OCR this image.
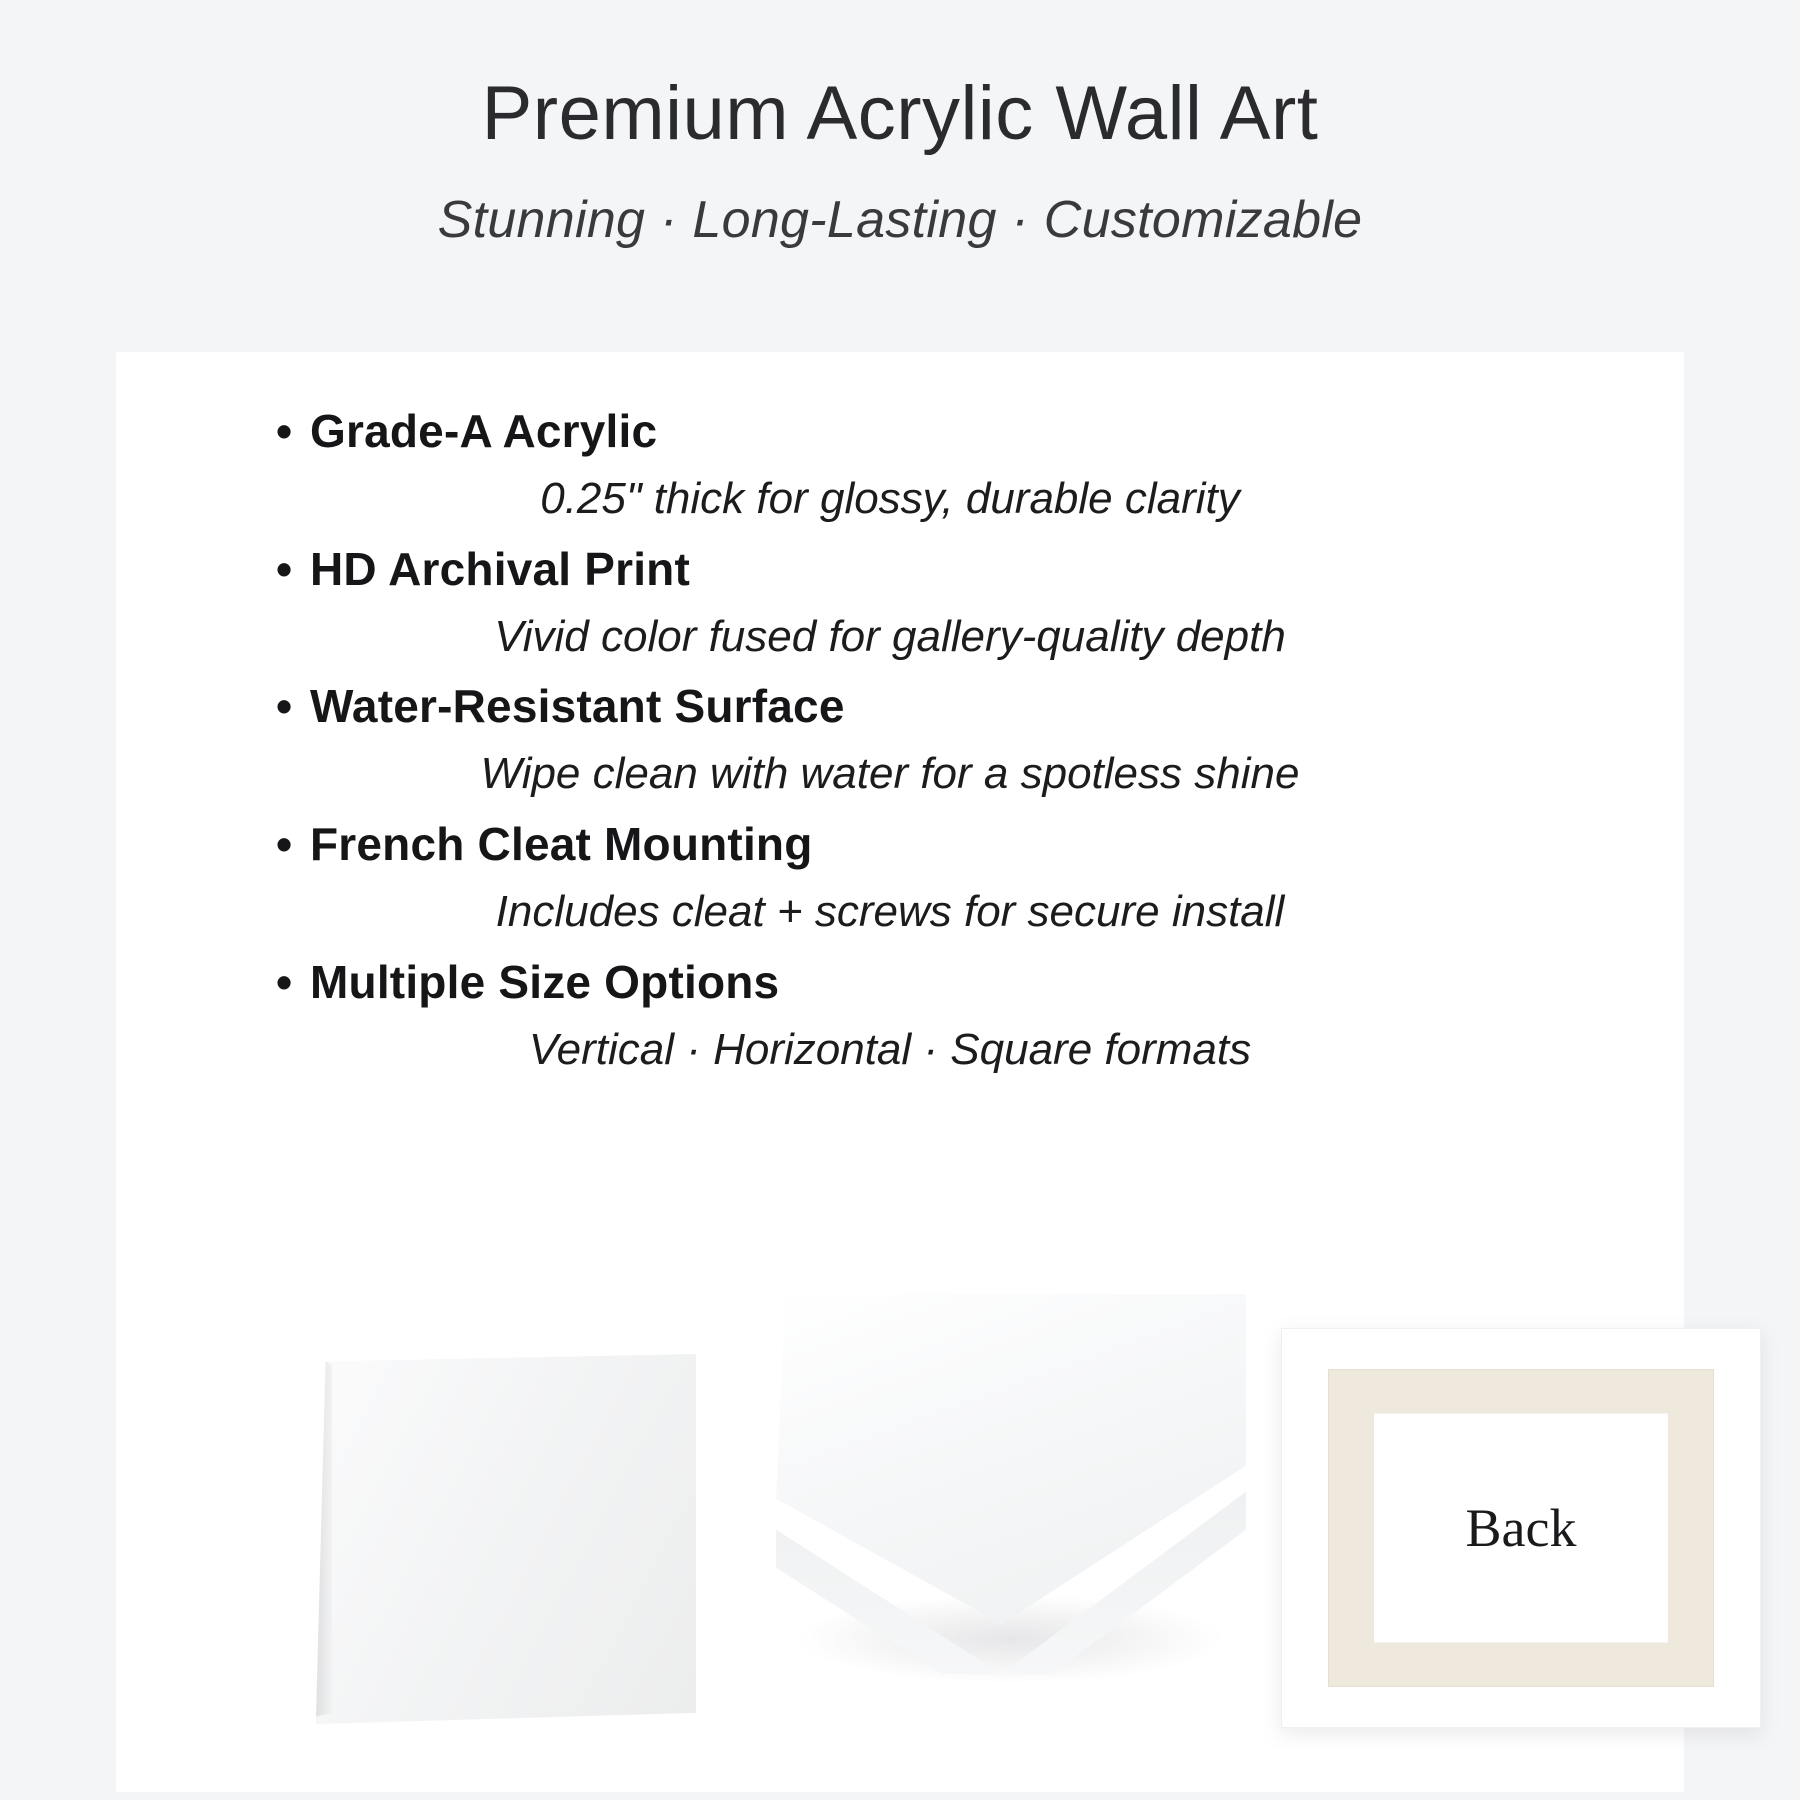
Premium Acrylic Wall Art
Stunning · Long-Lasting · Customizable
• Grade-A Acrylic
0.25" thick for glossy, durable clarity
• HD Archival Print
Vivid color fused for gallery-quality depth
• Water-Resistant Surface
Wipe clean with water for a spotless shine
• French Cleat Mounting
Includes cleat + screws for secure install
• Multiple Size Options
Vertical · Horizontal · Square formats
Back
